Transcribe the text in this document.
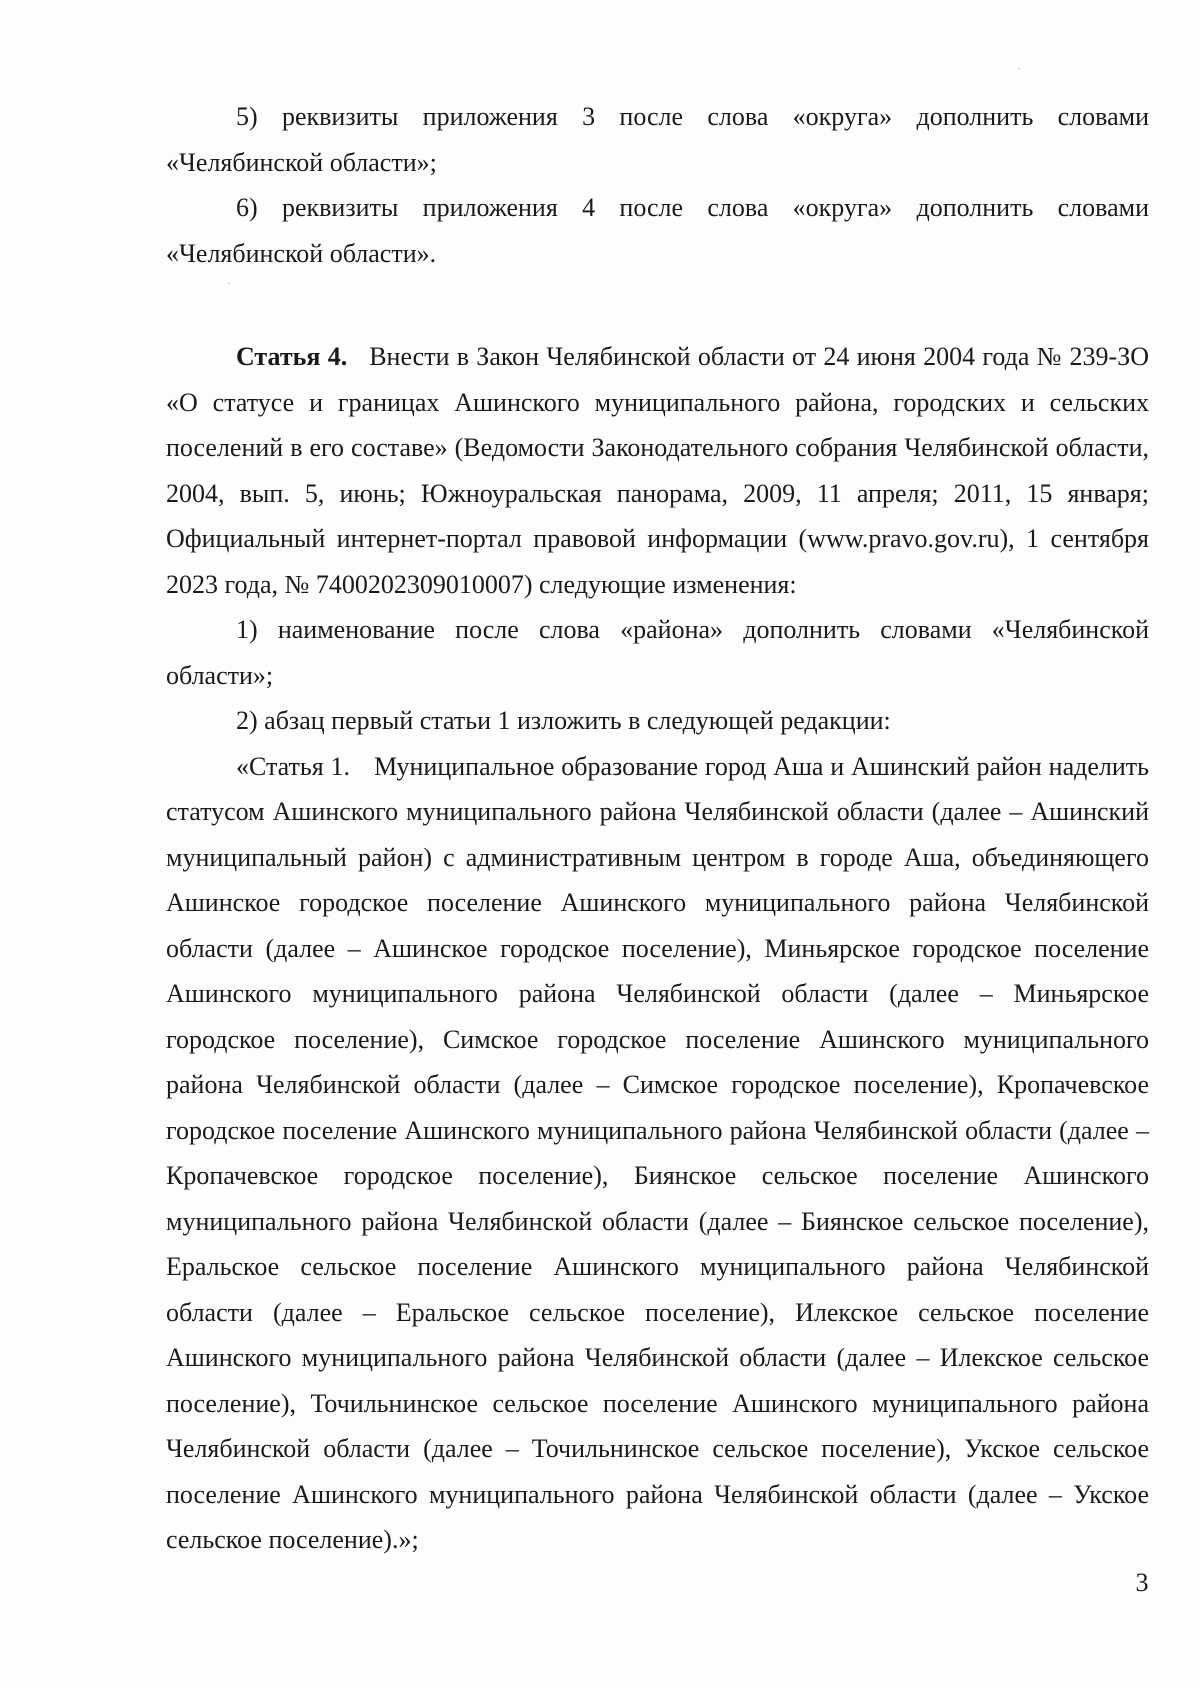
5) реквизиты приложения 3 после слова «округа» дополнить словами «Челябинской области»;

6) реквизиты приложения 4 после слова «округа» дополнить словами «Челябинской области».

Статья 4. Внести в Закон Челябинской области от 24 июня 2004 года № 239-ЗО «О статусе и границах Ашинского муниципального района, городских и сельских поселений в его составе» (Ведомости Законодательного собрания Челябинской области, 2004, вып. 5, июнь; Южноуральская панорама, 2009, 11 апреля; 2011, 15 января; Официальный интернет-портал правовой информации (www.pravo.gov.ru), 1 сентября 2023 года, № 7400202309010007) следующие изменения:

1) наименование после слова «района» дополнить словами «Челябинской области»;

2) абзац первый статьи 1 изложить в следующей редакции:

«Статья 1. Муниципальное образование город Аша и Ашинский район наделить статусом Ашинского муниципального района Челябинской области (далее – Ашинский муниципальный район) с административным центром в городе Аша, объединяющего Ашинское городское поселение Ашинского муниципального района Челябинской области (далее – Ашинское городское поселение), Миньярское городское поселение Ашинского муниципального района Челябинской области (далее – Миньярское городское поселение), Симское городское поселение Ашинского муниципального района Челябинской области (далее – Симское городское поселение), Кропачевское городское поселение Ашинского муниципального района Челябинской области (далее – Кропачевское городское поселение), Биянское сельское поселение Ашинского муниципального района Челябинской области (далее – Биянское сельское поселение), Еральское сельское поселение Ашинского муниципального района Челябинской области (далее – Еральское сельское поселение), Илекское сельское поселение Ашинского муниципального района Челябинской области (далее – Илекское сельское поселение), Точильнинское сельское поселение Ашинского муниципального района Челябинской области (далее – Точильнинское сельское поселение), Укское сельское поселение Ашинского муниципального района Челябинской области (далее – Укское сельское поселение).»;

3
